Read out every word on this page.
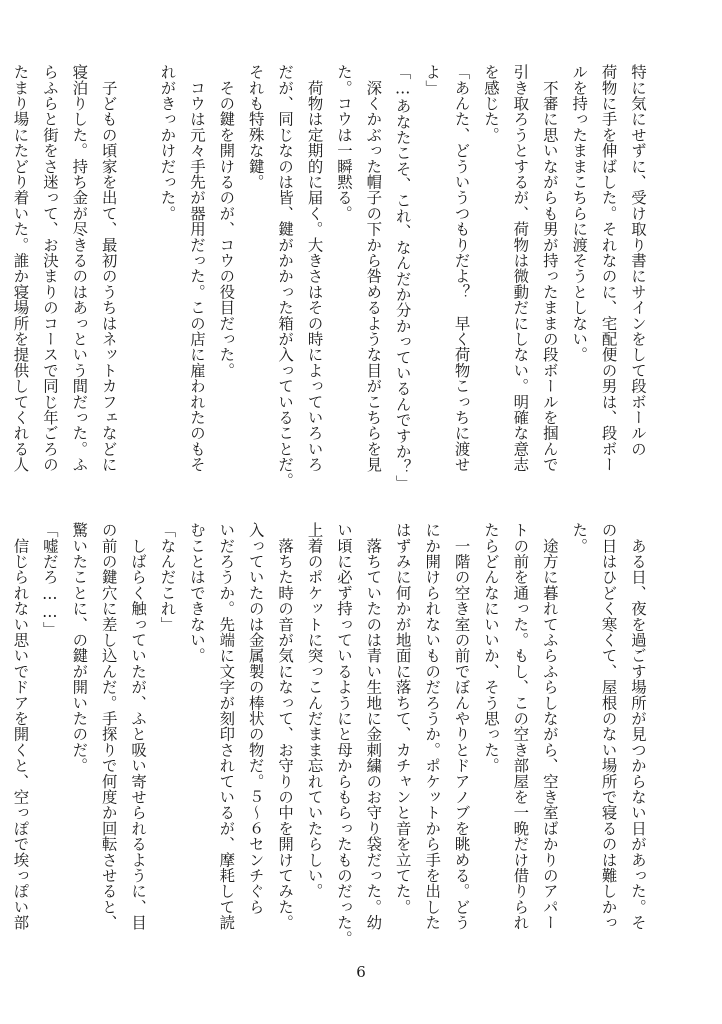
特に気にせずに、受け取り書にサインをして段ボールの
荷物に手を伸ばした。それなのに、宅配便の男は、段ボー
ルを持ったままこちらに渡そうとしない。
　不審に思いながらも男が持ったままの段ボールを掴んで
引き取ろうとするが、荷物は微動だにしない。明確な意志
を感じた。
「あんた、どういうつもりだよ？　早く荷物こっちに渡せ
よ」
「…あなたこそ、これ、なんだか分かっているんですか？」
　深くかぶった帽子の下から咎めるような目がこちらを見
た。コウは一瞬黙る。
　荷物は定期的に届く。大きさはその時によっていろいろ
だが、同じなのは皆、鍵がかかった箱が入っていることだ。
それも特殊な鍵。
　その鍵を開けるのが、コウの役目だった。
　コウは元々手先が器用だった。この店に雇われたのもそ
れがきっかけだった。
　子どもの頃家を出て、最初のうちはネットカフェなどに
寝泊りした。持ち金が尽きるのはあっという間だった。ふ
らふらと街をさ迷って、お決まりのコースで同じ年ごろの
たまり場にたどり着いた。誰か寝場所を提供してくれる人
　ある日、夜を過ごす場所が見つからない日があった。そ
の日はひどく寒くて、屋根のない場所で寝るのは難しかっ
た。
　途方に暮れてふらふらしながら、空き室ばかりのアパー
トの前を通った。もし、この空き部屋を一晩だけ借りられ
たらどんなにいいか、そう思った。
　一階の空き室の前でぼんやりとドアノブを眺める。どう
にか開けられないものだろうか。ポケットから手を出した
はずみに何かが地面に落ちて、カチャンと音を立てた。
　落ちていたのは青い生地に金刺繍のお守り袋だった。幼
い頃に必ず持っているようにと母からもらったものだった。
上着のポケットに突っこんだまま忘れていたらしい。
　落ちた時の音が気になって、お守りの中を開けてみた。
入っていたのは金属製の棒状の物だ。５～６センチぐら
いだろうか。先端に文字が刻印されているが、摩耗して読
むことはできない。
「なんだこれ」
　しばらく触っていたが、ふと吸い寄せられるように、目
の前の鍵穴に差し込んだ。手探りで何度か回転させると、
驚いたことに、の鍵が開いたのだ。
「嘘だろ……」
　信じられない思いでドアを開くと、空っぽで埃っぽい部
6
